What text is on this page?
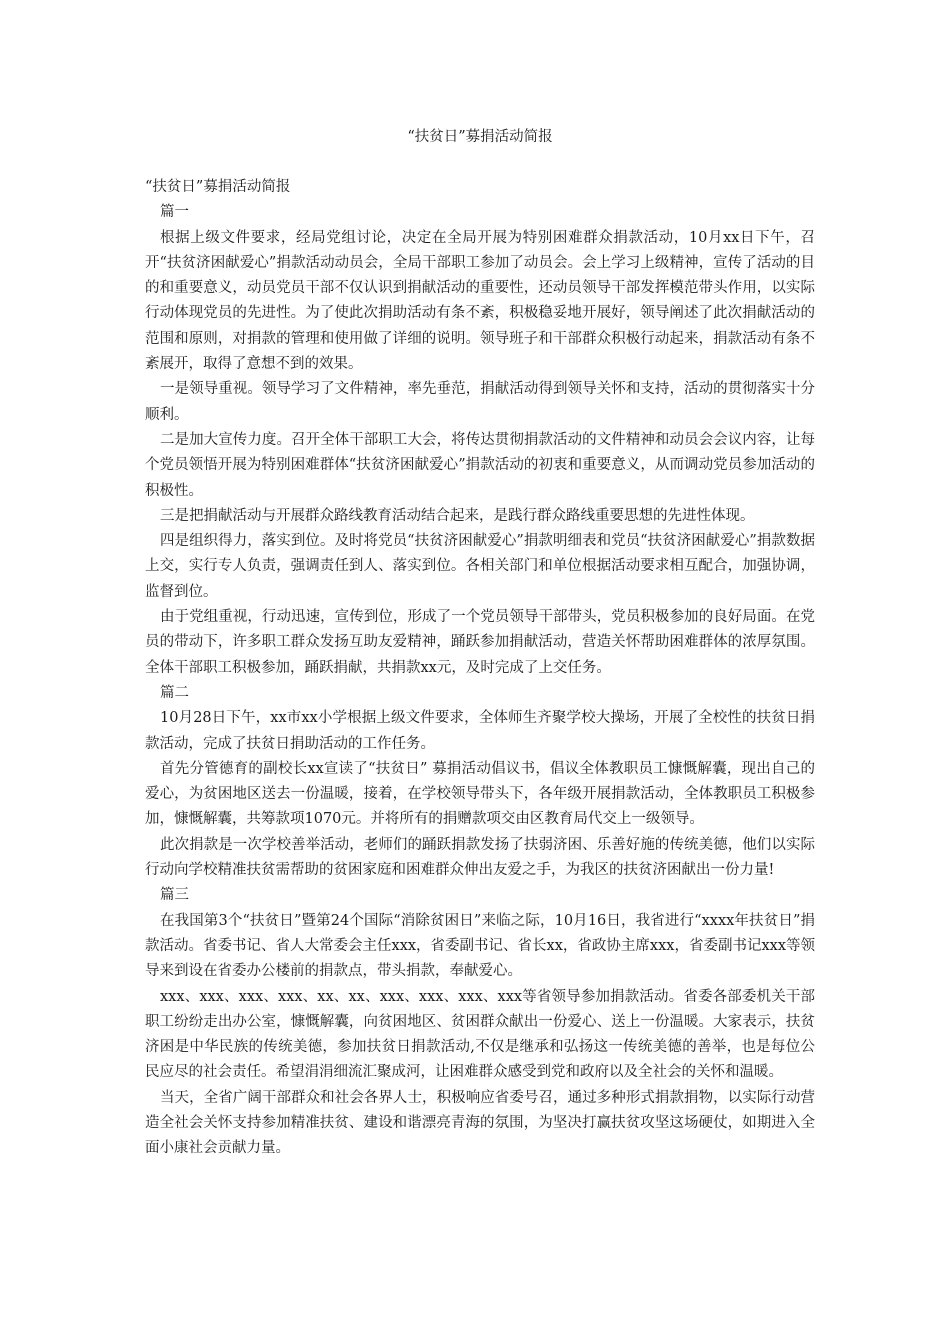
“扶贫日”募捐活动简报

“扶贫日”募捐活动简报

篇一

根据上级文件要求，经局党组讨论，决定在全局开展为特别困难群众捐款活动，10月xx日下午，召开“扶贫济困献爱心”捐款活动动员会，全局干部职工参加了动员会。会上学习上级精神，宣传了活动的目的和重要意义，动员党员干部不仅认识到捐献活动的重要性，还动员领导干部发挥模范带头作用，以实际行动体现党员的先进性。为了使此次捐助活动有条不紊，积极稳妥地开展好，领导阐述了此次捐献活动的范围和原则，对捐款的管理和使用做了详细的说明。领导班子和干部群众积极行动起来，捐款活动有条不紊展开，取得了意想不到的效果。

一是领导重视。领导学习了文件精神，率先垂范，捐献活动得到领导关怀和支持，活动的贯彻落实十分顺利。

二是加大宣传力度。召开全体干部职工大会，将传达贯彻捐款活动的文件精神和动员会会议内容，让每个党员领悟开展为特别困难群体“扶贫济困献爱心”捐款活动的初衷和重要意义，从而调动党员参加活动的积极性。

三是把捐献活动与开展群众路线教育活动结合起来，是践行群众路线重要思想的先进性体现。

四是组织得力，落实到位。及时将党员“扶贫济困献爱心”捐款明细表和党员“扶贫济困献爱心”捐款数据上交，实行专人负责，强调责任到人、落实到位。各相关部门和单位根据活动要求相互配合，加强协调，监督到位。

由于党组重视，行动迅速，宣传到位，形成了一个党员领导干部带头，党员积极参加的良好局面。在党员的带动下，许多职工群众发扬互助友爱精神，踊跃参加捐献活动，营造关怀帮助困难群体的浓厚氛围。全体干部职工积极参加，踊跃捐献，共捐款xx元，及时完成了上交任务。

篇二

10月28日下午，xx市xx小学根据上级文件要求，全体师生齐聚学校大操场，开展了全校性的扶贫日捐款活动，完成了扶贫日捐助活动的工作任务。

首先分管德育的副校长xx宣读了“扶贫日” 募捐活动倡议书，倡议全体教职员工慷慨解囊，现出自己的爱心，为贫困地区送去一份温暖，接着，在学校领导带头下，各年级开展捐款活动，全体教职员工积极参加，慷慨解囊，共筹款项1070元。并将所有的捐赠款项交由区教育局代交上一级领导。

此次捐款是一次学校善举活动，老师们的踊跃捐款发扬了扶弱济困、乐善好施的传统美德，他们以实际行动向学校精准扶贫需帮助的贫困家庭和困难群众伸出友爱之手，为我区的扶贫济困献出一份力量!

篇三

在我国第3个“扶贫日”暨第24个国际“消除贫困日”来临之际，10月16日，我省进行“xxxx年扶贫日”捐款活动。省委书记、省人大常委会主任xxx，省委副书记、省长xx，省政协主席xxx，省委副书记xxx等领导来到设在省委办公楼前的捐款点，带头捐款，奉献爱心。

xxx、xxx、xxx、xxx、xx、xx、xxx、xxx、xxx、xxx等省领导参加捐款活动。省委各部委机关干部职工纷纷走出办公室，慷慨解囊，向贫困地区、贫困群众献出一份爱心、送上一份温暖。大家表示，扶贫济困是中华民族的传统美德，参加扶贫日捐款活动,不仅是继承和弘扬这一传统美德的善举，也是每位公民应尽的社会责任。希望涓涓细流汇聚成河，让困难群众感受到党和政府以及全社会的关怀和温暖。

当天，全省广阔干部群众和社会各界人士，积极响应省委号召，通过多种形式捐款捐物，以实际行动营造全社会关怀支持参加精准扶贫、建设和谐漂亮青海的氛围，为坚决打赢扶贫攻坚这场硬仗，如期进入全面小康社会贡献力量。
